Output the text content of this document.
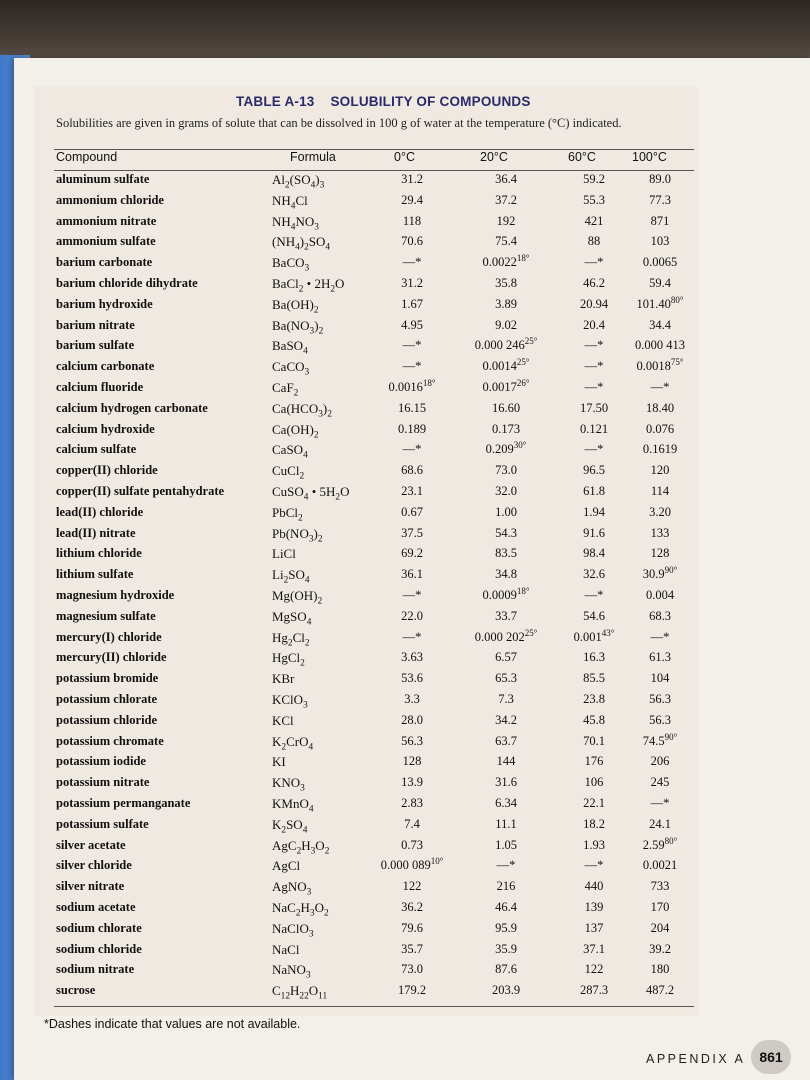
TABLE A-13 SOLUBILITY OF COMPOUNDS
Solubilities are given in grams of solute that can be dissolved in 100 g of water at the temperature (°C) indicated.
Compound	Formula	0°C	20°C	60°C	100°C
aluminum sulfate	$Al_2(SO_4)_3$	31.2	36.4	59.2	89.0
ammonium chloride	$NH_4Cl$	29.4	37.2	55.3	77.3
ammonium nitrate	$NH_4NO_3$	118	192	421	871
ammonium sulfate	$(NH_4)_2SO_4$	70.6	75.4	88	103
barium carbonate	BaCO$_3$	—*	$0.0022^{18^\circ}$	—*	0.0065
barium chloride dihydrate	BaCl$_2$ • $2H_2O$	31.2	35.8	46.2	59.4
barium hydroxide	$Ba(OH)_2$	1.67	3.89	20.94	$101.40^{80^\circ}$
barium nitrate	$Ba(NO_3)_2$	4.95	9.02	20.4	34.4
barium sulfate	BaSO$_4$	—*	0.000 $246^{25^\circ}$	—*	0.000 413
calcium carbonate	CaCO$_3$	—*	$0.0014^{25^\circ}$	—*	$0.0018^{75^\circ}$
calcium fluoride	CaF$_2$	$0.0016^{18^\circ}$	$0.0017^{26^\circ}$	—*	—*
calcium hydrogen carbonate	$Ca(HCO_3)_2$	16.15	16.60	17.50	18.40
calcium hydroxide	$Ca(OH)_2$	0.189	0.173	0.121	0.076
calcium sulfate	CaSO$_4$	—*	$0.209^{30^\circ}$	—*	0.1619
copper(II) chloride	CuCl$_2$	68.6	73.0	96.5	120
copper(II) sulfate pentahydrate	CuSO$_4$ • $5H_2O$	23.1	32.0	61.8	114
lead(II) chloride	PbCl$_2$	0.67	1.00	1.94	3.20
lead(II) nitrate	$Pb(NO_3)_2$	37.5	54.3	91.6	133
lithium chloride	LiCl	69.2	83.5	98.4	128
lithium sulfate	$Li_2SO_4$	36.1	34.8	32.6	$30.9^{90^\circ}$
magnesium hydroxide	$Mg(OH)_2$	—*	$0.0009^{18^\circ}$	—*	0.004
magnesium sulfate	MgSO$_4$	22.0	33.7	54.6	68.3
mercury(I) chloride	$Hg_2Cl_2$	—*	0.000 $202^{25^\circ}$	$0.001^{43^\circ}$	—*
mercury(II) chloride	HgCl$_2$	3.63	6.57	16.3	61.3
potassium bromide	KBr	53.6	65.3	85.5	104
potassium chlorate	KClO$_3$	3.3	7.3	23.8	56.3
potassium chloride	KCl	28.0	34.2	45.8	56.3
potassium chromate	$K_2CrO_4$	56.3	63.7	70.1	$74.5^{90^\circ}$
potassium iodide	KI	128	144	176	206
potassium nitrate	$KNO_3$	13.9	31.6	106	245
potassium permanganate	KMnO$_4$	2.83	6.34	22.1	—*
potassium sulfate	$K_2SO_4$	7.4	11.1	18.2	24.1
silver acetate	$AgC_2H_3O_2$	0.73	1.05	1.93	$2.59^{80^\circ}$
silver chloride	AgCl	0.000 $089^{10^\circ}$	—*	—*	0.0021
silver nitrate	AgNO$_3$	122	216	440	733
sodium acetate	$NaC_2H_3O_2$	36.2	46.4	139	170
sodium chlorate	NaClO$_3$	79.6	95.9	137	204
sodium chloride	NaCl	35.7	35.9	37.1	39.2
sodium nitrate	NaNO$_3$	73.0	87.6	122	180
sucrose	$C_{12}H_{22}O_{11}$	179.2	203.9	287.3	487.2
*Dashes indicate that values are not available.
APPENDIX A 861
